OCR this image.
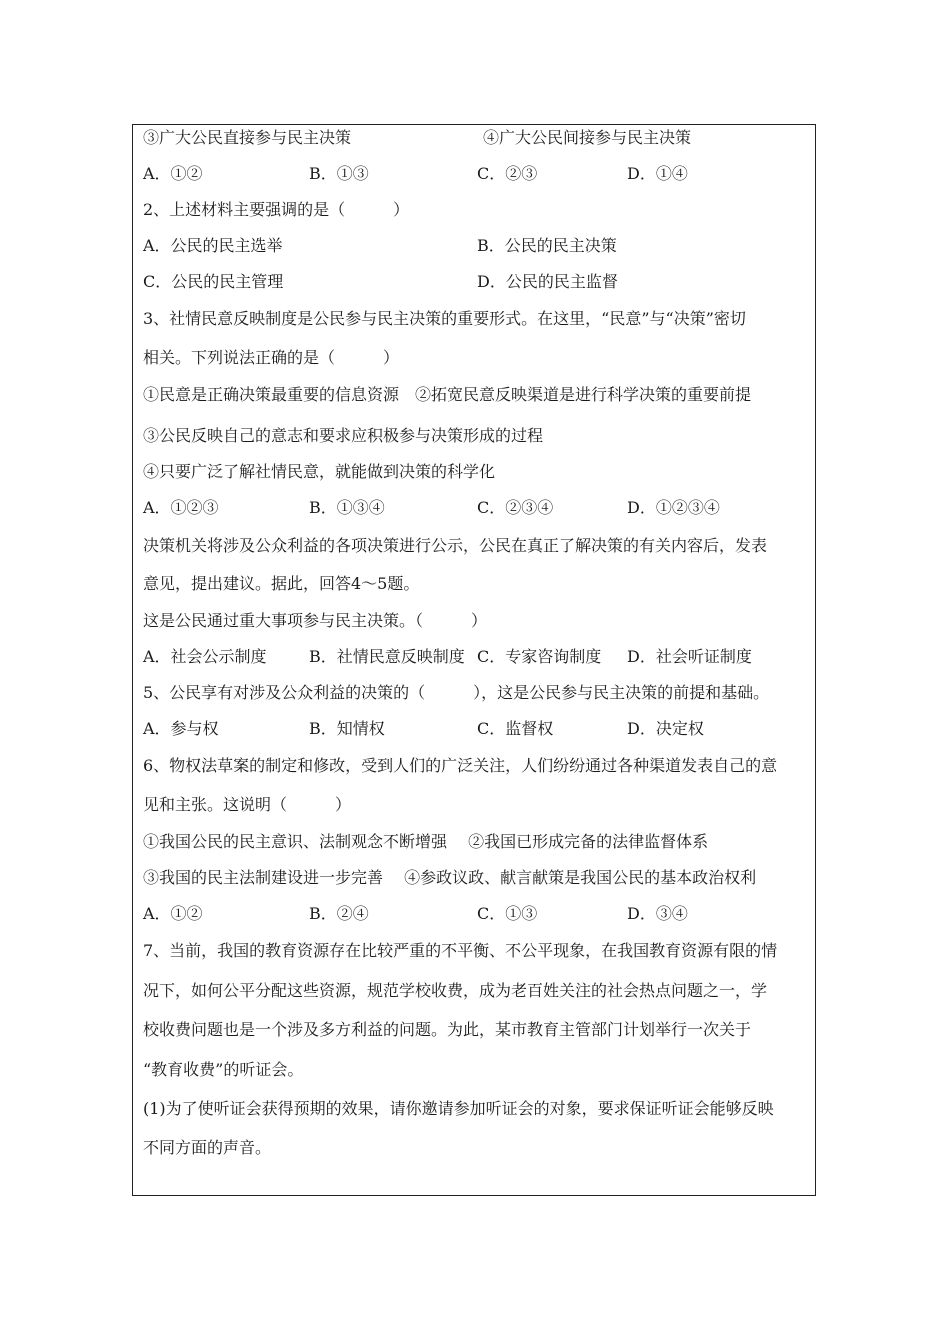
③广大公民直接参与民主决策	④广大公民间接参与民主决策
A．①②	B．①③	C．②③	D．①④
2、上述材料主要强调的是（　　　）
A．公民的民主选举	B．公民的民主决策
C．公民的民主管理	D．公民的民主监督
3、社情民意反映制度是公民参与民主决策的重要形式。在这里，“民意”与“决策”密切
相关。下列说法正确的是（　　　）
①民意是正确决策最重要的信息资源　②拓宽民意反映渠道是进行科学决策的重要前提
③公民反映自己的意志和要求应积极参与决策形成的过程
④只要广泛了解社情民意，就能做到决策的科学化
A．①②③	B．①③④	C．②③④	D．①②③④
决策机关将涉及公众利益的各项决策进行公示，公民在真正了解决策的有关内容后，发表
意见，提出建议。据此，回答4～5题。
这是公民通过重大事项参与民主决策。（　　　）
A．社会公示制度	B．社情民意反映制度 C．专家咨询制度 D．社会听证制度
5、公民享有对涉及公众利益的决策的（　　　），这是公民参与民主决策的前提和基础。
A．参与权	B．知情权	C．监督权	D．决定权
6、物权法草案的制定和修改，受到人们的广泛关注，人们纷纷通过各种渠道发表自己的意
见和主张。这说明（　　　）
①我国公民的民主意识、法制观念不断增强　 ②我国已形成完备的法律监督体系
③我国的民主法制建设进一步完善　 ④参政议政、献言献策是我国公民的基本政治权利
A．①②	B．②④	C．①③	D．③④
7、当前，我国的教育资源存在比较严重的不平衡、不公平现象，在我国教育资源有限的情
况下，如何公平分配这些资源，规范学校收费，成为老百姓关注的社会热点问题之一，学
校收费问题也是一个涉及多方利益的问题。为此，某市教育主管部门计划举行一次关于
“教育收费”的听证会。
(1)为了使听证会获得预期的效果，请你邀请参加听证会的对象，要求保证听证会能够反映
不同方面的声音。
